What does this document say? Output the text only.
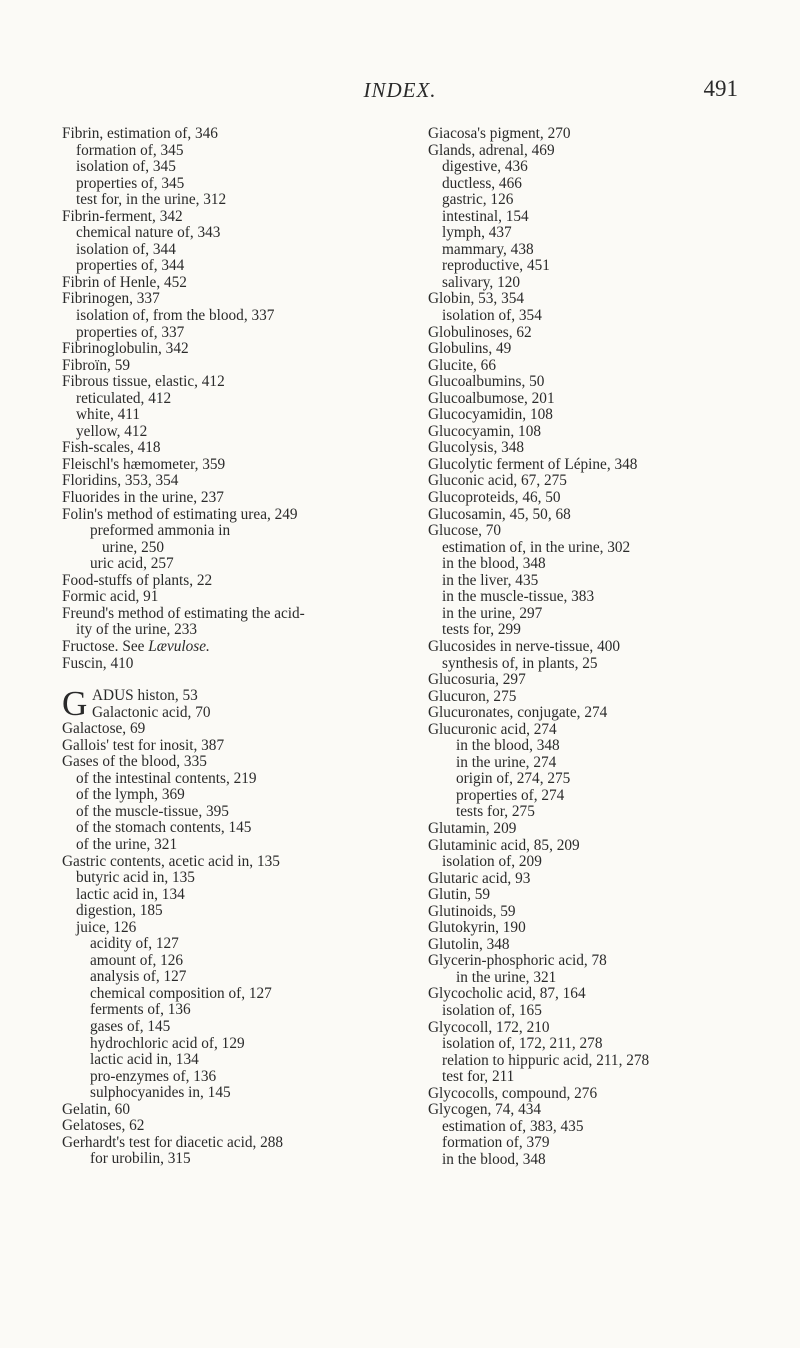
INDEX.	491
Fibrin, estimation of, 346
formation of, 345
isolation of, 345
properties of, 345
test for, in the urine, 312
Fibrin-ferment, 342
chemical nature of, 343
isolation of, 344
properties of, 344
Fibrin of Henle, 452
Fibrinogen, 337
isolation of, from the blood, 337
properties of, 337
Fibrinoglobulin, 342
Fibroïn, 59
Fibrous tissue, elastic, 412
reticulated, 412
white, 411
yellow, 412
Fish-scales, 418
Fleischl's hæmometer, 359
Floridins, 353, 354
Fluorides in the urine, 237
Folin's method of estimating urea, 249
preformed ammonia in
urine, 250
uric acid, 257
Food-stuffs of plants, 22
Formic acid, 91
Freund's method of estimating the acid-
ity of the urine, 233
Fructose. See Lævulose.
Fuscin, 410
G ADUS histon, 53
Galactonic acid, 70
Galactose, 69
Gallois' test for inosit, 387
Gases of the blood, 335
of the intestinal contents, 219
of the lymph, 369
of the muscle-tissue, 395
of the stomach contents, 145
of the urine, 321
Gastric contents, acetic acid in, 135
butyric acid in, 135
lactic acid in, 134
digestion, 185
juice, 126
acidity of, 127
amount of, 126
analysis of, 127
chemical composition of, 127
ferments of, 136
gases of, 145
hydrochloric acid of, 129
lactic acid in, 134
pro-enzymes of, 136
sulphocyanides in, 145
Gelatin, 60
Gelatoses, 62
Gerhardt's test for diacetic acid, 288
for urobilin, 315
Giacosa's pigment, 270
Glands, adrenal, 469
digestive, 436
ductless, 466
gastric, 126
intestinal, 154
lymph, 437
mammary, 438
reproductive, 451
salivary, 120
Globin, 53, 354
isolation of, 354
Globulinoses, 62
Globulins, 49
Glucite, 66
Glucoalbumins, 50
Glucoalbumose, 201
Glucocyamidin, 108
Glucocyamin, 108
Glucolysis, 348
Glucolytic ferment of Lépine, 348
Gluconic acid, 67, 275
Glucoproteids, 46, 50
Glucosamin, 45, 50, 68
Glucose, 70
estimation of, in the urine, 302
in the blood, 348
in the liver, 435
in the muscle-tissue, 383
in the urine, 297
tests for, 299
Glucosides in nerve-tissue, 400
synthesis of, in plants, 25
Glucosuria, 297
Glucuron, 275
Glucuronates, conjugate, 274
Glucuronic acid, 274
in the blood, 348
in the urine, 274
origin of, 274, 275
properties of, 274
tests for, 275
Glutamin, 209
Glutaminic acid, 85, 209
isolation of, 209
Glutaric acid, 93
Glutin, 59
Glutinoids, 59
Glutokyrin, 190
Glutolin, 348
Glycerin-phosphoric acid, 78
in the urine, 321
Glycocholic acid, 87, 164
isolation of, 165
Glycocoll, 172, 210
isolation of, 172, 211, 278
relation to hippuric acid, 211, 278
test for, 211
Glycocolls, compound, 276
Glycogen, 74, 434
estimation of, 383, 435
formation of, 379
in the blood, 348
